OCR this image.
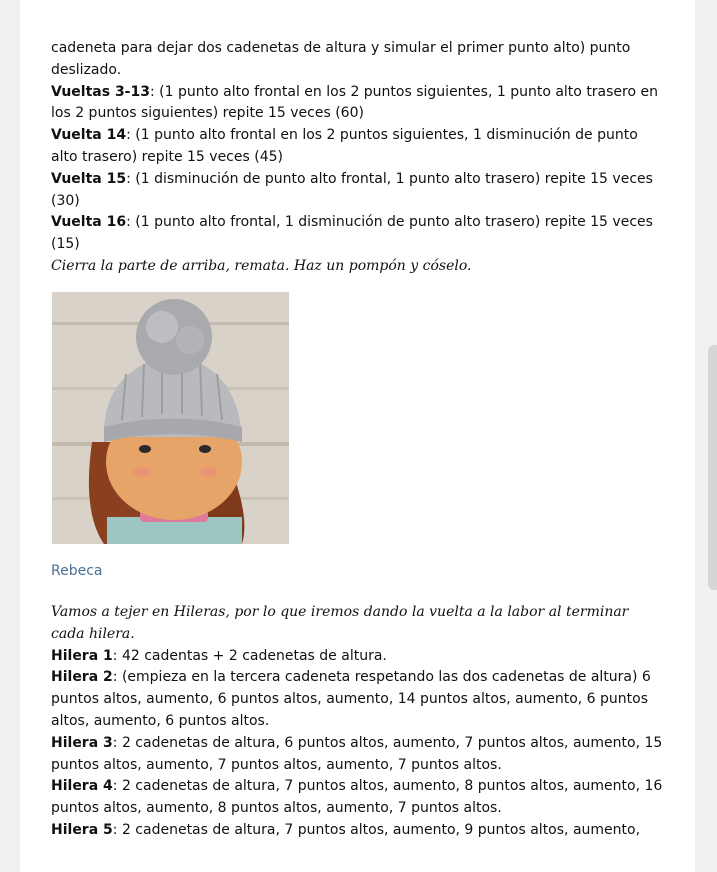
cadeneta para dejar dos cadenetas de altura y simular el primer punto alto) punto deslizado.

Vueltas 3-13: (1 punto alto frontal en los 2 puntos siguientes, 1 punto alto trasero en los 2 puntos siguientes) repite 15 veces (60)

Vuelta 14: (1 punto alto frontal en los 2 puntos siguientes, 1 disminución de punto alto trasero) repite 15 veces (45)

Vuelta 15: (1 disminución de punto alto frontal, 1 punto alto trasero) repite 15 veces (30)

Vuelta 16: (1 punto alto frontal, 1 disminución de punto alto trasero) repite 15 veces (15)

Cierra la parte de arriba, remata. Haz un pompón y cóselo.

Rebeca

Vamos a tejer en Hileras, por lo que iremos dando la vuelta a la labor al terminar cada hilera.

Hilera 1: 42 cadentas + 2 cadenetas de altura.

Hilera 2: (empieza en la tercera cadeneta respetando las dos cadenetas de altura) 6 puntos altos, aumento, 6 puntos altos, aumento, 14 puntos altos, aumento, 6 puntos altos, aumento, 6 puntos altos.

Hilera 3: 2 cadenetas de altura, 6 puntos altos, aumento, 7 puntos altos, aumento, 15 puntos altos, aumento, 7 puntos altos, aumento, 7 puntos altos.

Hilera 4: 2 cadenetas de altura, 7 puntos altos, aumento, 8 puntos altos, aumento, 16 puntos altos, aumento, 8 puntos altos, aumento, 7 puntos altos.

Hilera 5: 2 cadenetas de altura, 7 puntos altos, aumento, 9 puntos altos, aumento,
